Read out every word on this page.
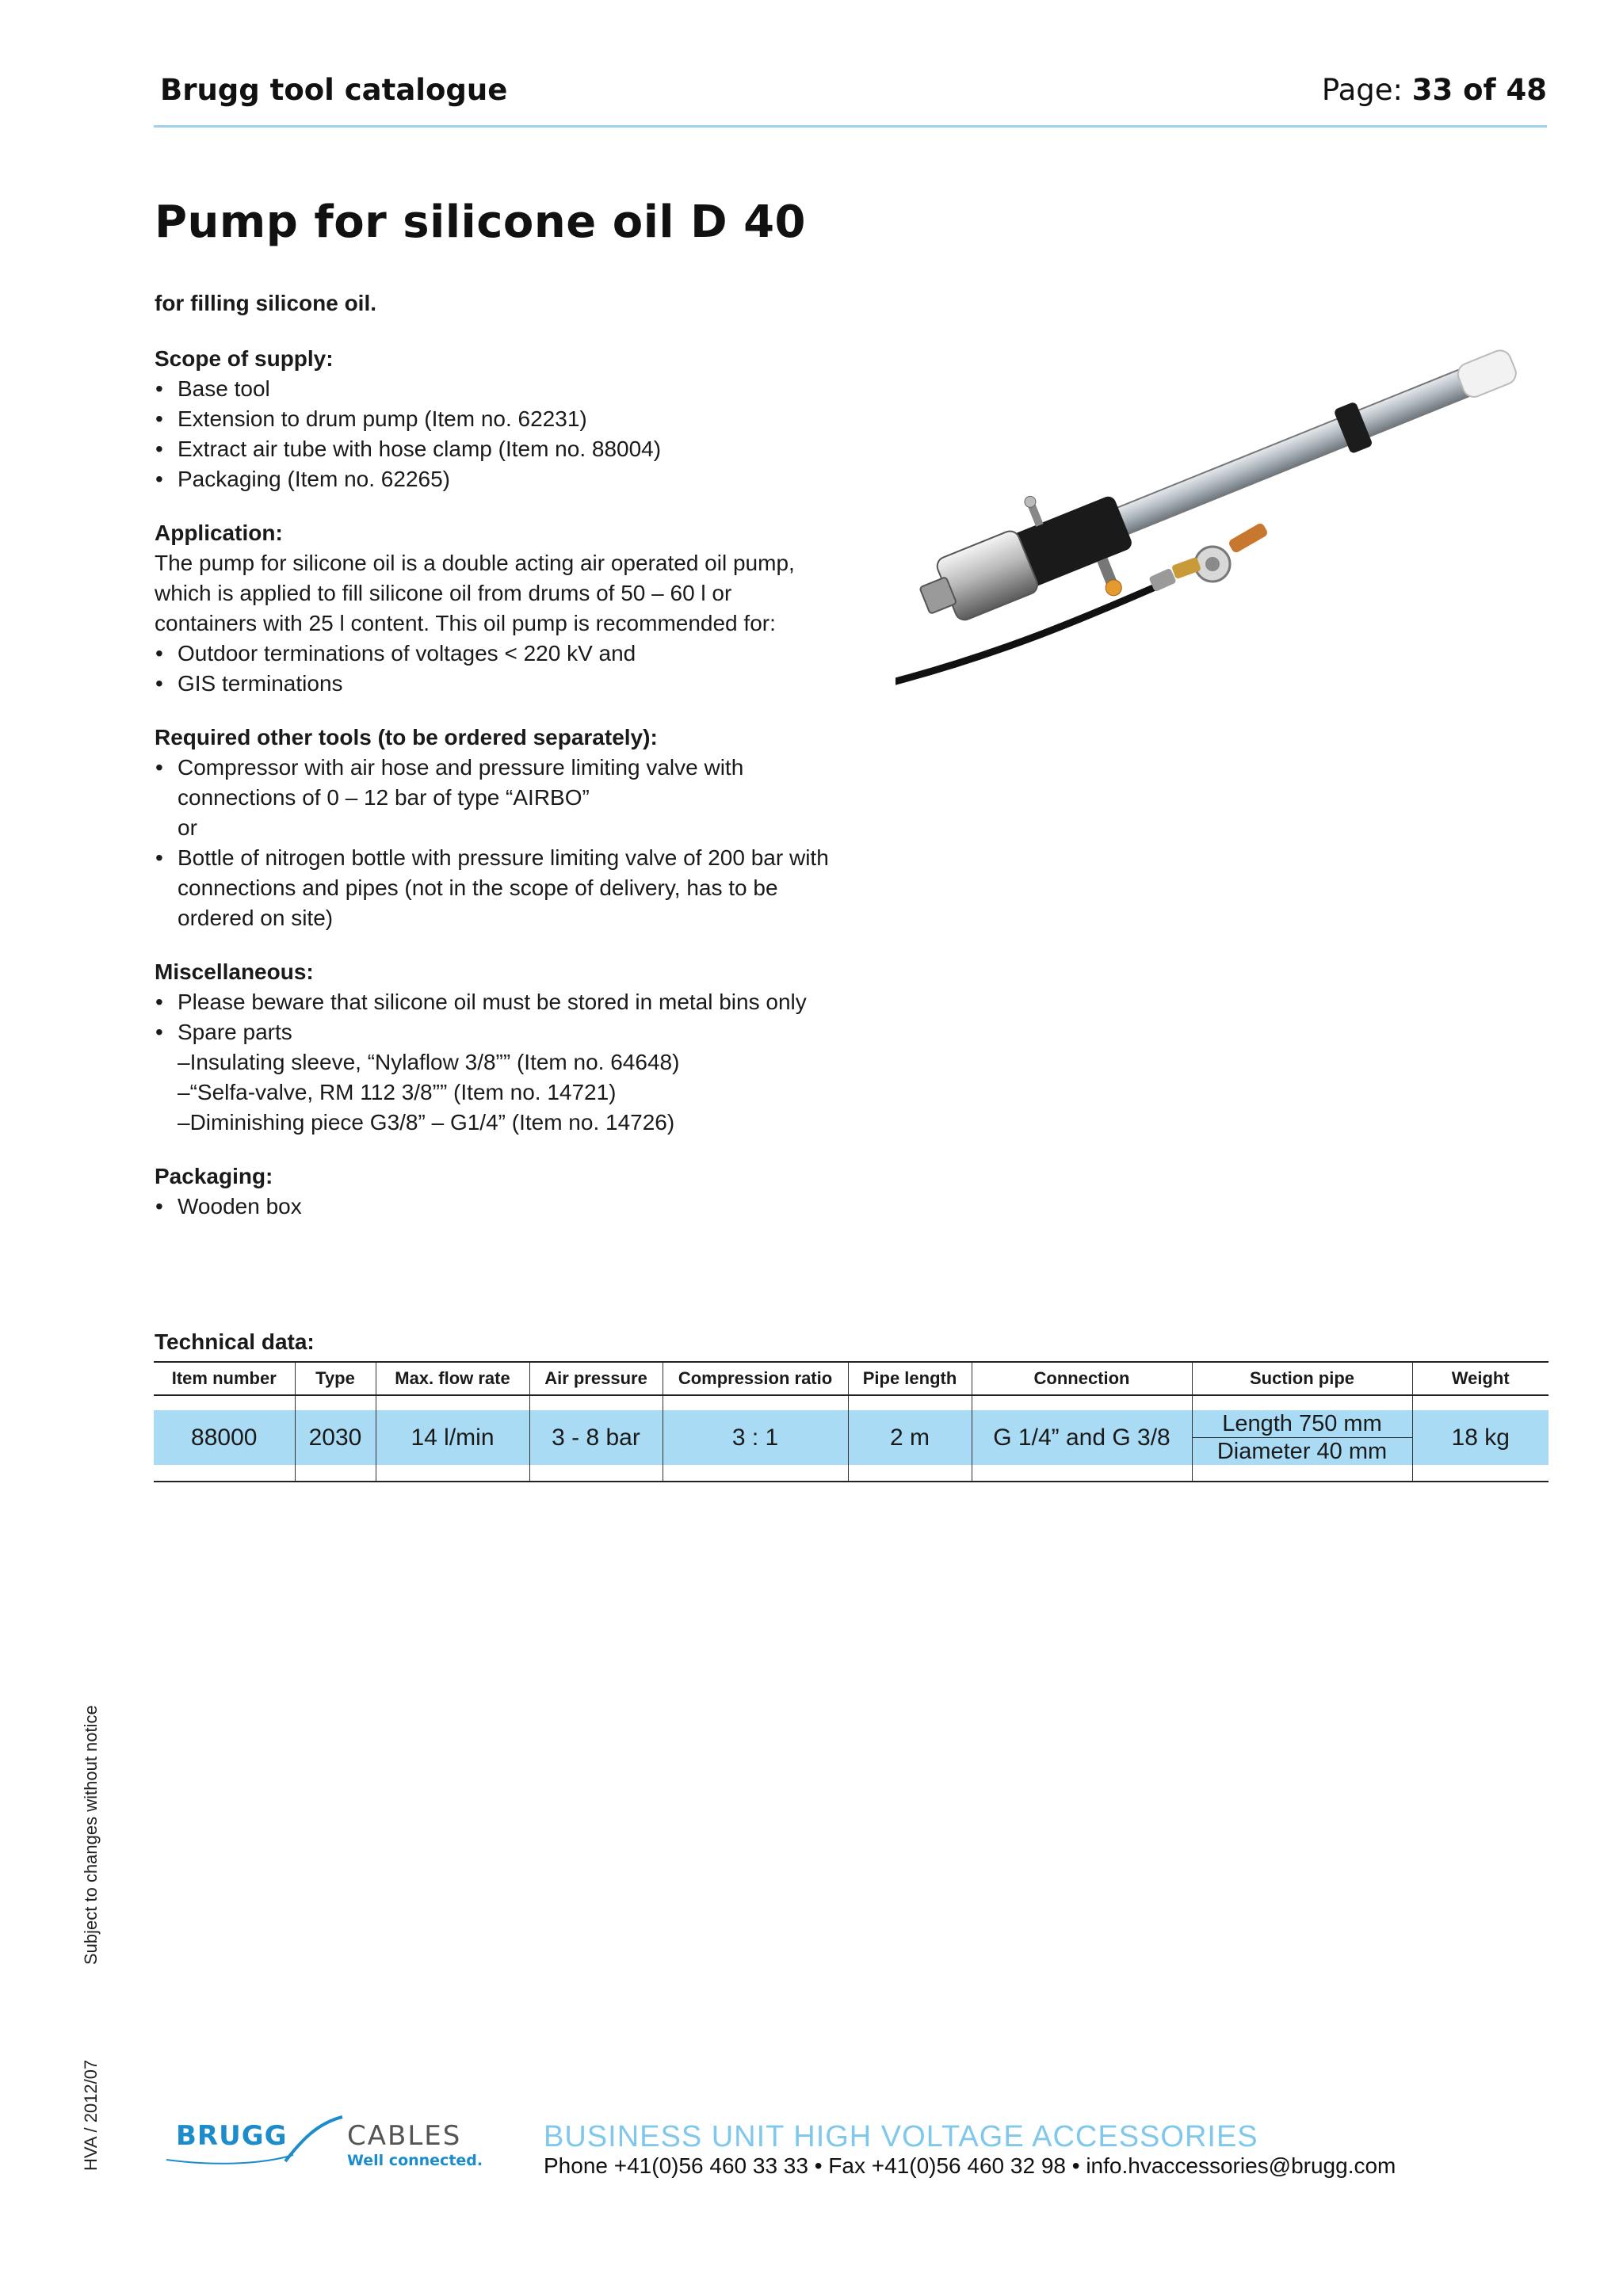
Brugg tool catalogue	Page: 33 of 48
Pump for silicone oil D 40

for filling silicone oil.

Scope of supply:

• Base tool
• Extension to drum pump (Item no. 62231)
• Extract air tube with hose clamp (Item no. 88004)
• Packaging (Item no. 62265)

Application:

The pump for silicone oil is a double acting air operated oil pump, which is applied to fill silicone oil from drums of 50 – 60 l or containers with 25 l content. This oil pump is recommended for:

• Outdoor terminations of voltages < 220 kV and
• GIS terminations

Required other tools (to be ordered separately):

• Compressor with air hose and pressure limiting valve with connections of 0 – 12 bar of type “AIRBO”
or
• Bottle of nitrogen bottle with pressure limiting valve of 200 bar with connections and pipes (not in the scope of delivery, has to be ordered on site)

Miscellaneous:

• Please beware that silicone oil must be stored in metal bins only
• Spare parts
–Insulating sleeve, “Nylaflow 3/8”” (Item no. 64648)
–“Selfa-valve, RM 112 3/8”” (Item no. 14721)
–Diminishing piece G3/8” – G1/4” (Item no. 14726)

Packaging:

• Wooden box
Technical data:
Item number	Type	Max. flow rate	Air pressure	Compression ratio	Pipe length	Connection	Suction pipe	Weight

88000	2030	14 l/min	3 - 8 bar	3 : 1	2 m	G 1/4” and G 3/8	Length 750 mm
Diameter 40 mm	18 kg

Subject to changes without notice
HVA / 2012/07	BRUGG CABLES
Well connected.
BUSINESS UNIT HIGH VOLTAGE ACCESSORIES
Phone +41(0)56 460 33 33 • Fax +41(0)56 460 32 98 • info.hvaccessories@brugg.com
